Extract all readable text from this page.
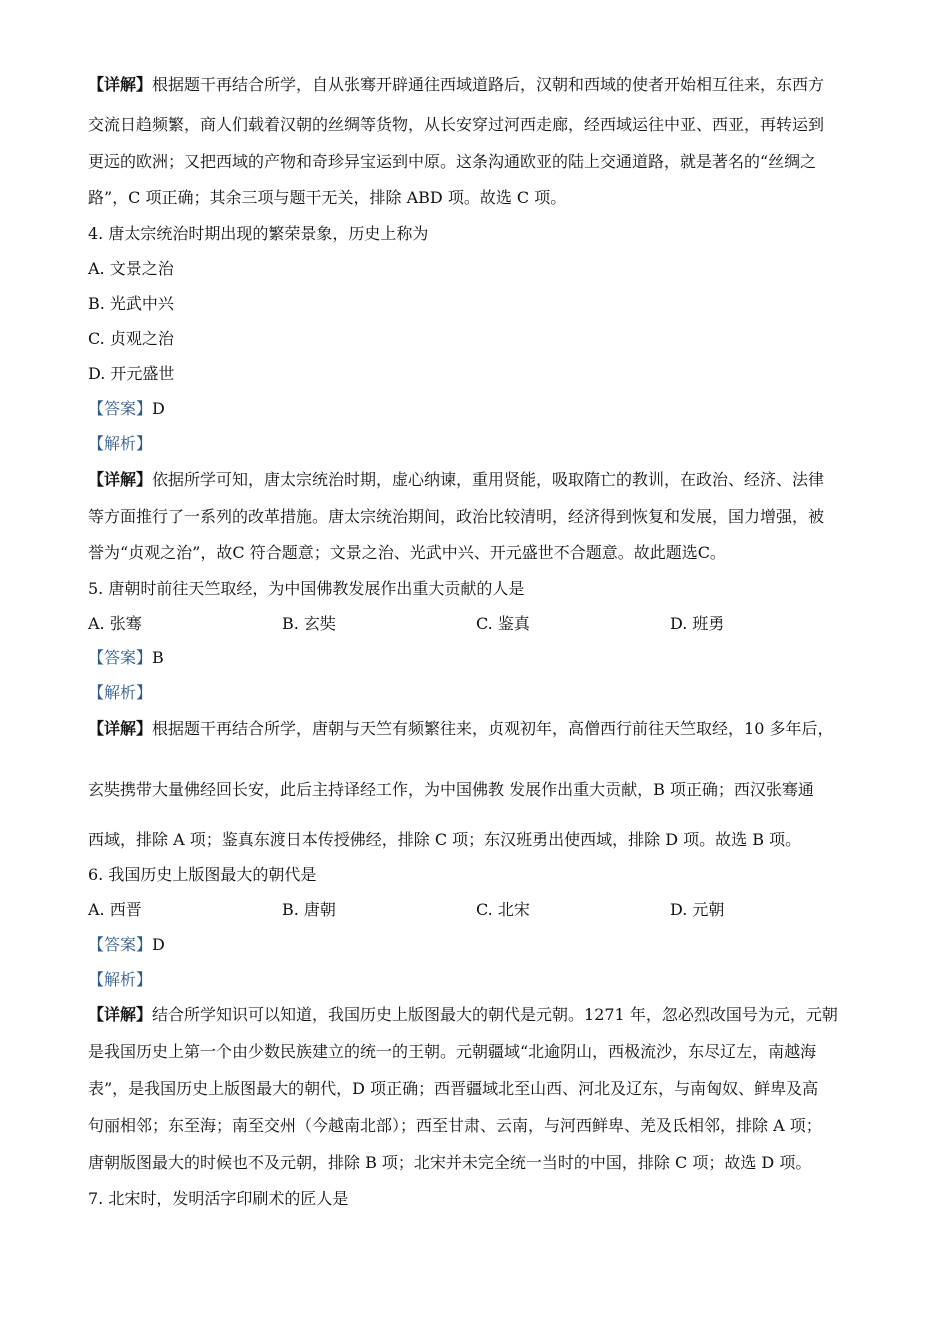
【详解】根据题干再结合所学，自从张骞开辟通往西域道路后，汉朝和西域的使者开始相互往来，东西方
交流日趋频繁，商人们载着汉朝的丝绸等货物，从长安穿过河西走廊，经西域运往中亚、西亚，再转运到
更远的欧洲；又把西域的产物和奇珍异宝运到中原。这条沟通欧亚的陆上交通道路，就是著名的“丝绸之
路”，C 项正确；其余三项与题干无关，排除 ABD 项。故选 C 项。
4. 唐太宗统治时期出现的繁荣景象，历史上称为
A. 文景之治
B. 光武中兴
C. 贞观之治
D. 开元盛世
【答案】D
【解析】
【详解】依据所学可知，唐太宗统治时期，虚心纳谏，重用贤能，吸取隋亡的教训，在政治、经济、法律
等方面推行了一系列的改革措施。唐太宗统治期间，政治比较清明，经济得到恢复和发展，国力增强，被
誉为“贞观之治”，故C 符合题意；文景之治、光武中兴、开元盛世不合题意。故此题选C。
5. 唐朝时前往天竺取经，为中国佛教发展作出重大贡献的人是
A. 张骞	B. 玄奘	C. 鉴真	D. 班勇
【答案】B
【解析】
【详解】根据题干再结合所学，唐朝与天竺有频繁往来，贞观初年，高僧西行前往天竺取经，10 多年后，
玄奘携带大量佛经回长安，此后主持译经工作，为中国佛教 发展作出重大贡献，B 项正确；西汉张骞通
西域，排除 A 项；鉴真东渡日本传授佛经，排除 C 项；东汉班勇出使西域，排除 D 项。故选 B 项。
6. 我国历史上版图最大的朝代是
A. 西晋	B. 唐朝	C. 北宋	D. 元朝
【答案】D
【解析】
【详解】结合所学知识可以知道，我国历史上版图最大的朝代是元朝。1271 年，忽必烈改国号为元，元朝
是我国历史上第一个由少数民族建立的统一的王朝。元朝疆域“北逾阴山，西极流沙，东尽辽左，南越海
表”，是我国历史上版图最大的朝代，D 项正确；西晋疆域北至山西、河北及辽东，与南匈奴、鲜卑及高
句丽相邻；东至海；南至交州（今越南北部）；西至甘肃、云南，与河西鲜卑、羌及氐相邻，排除 A 项；
唐朝版图最大的时候也不及元朝，排除 B 项；北宋并未完全统一当时的中国，排除 C 项；故选 D 项。
7. 北宋时，发明活字印刷术的匠人是
